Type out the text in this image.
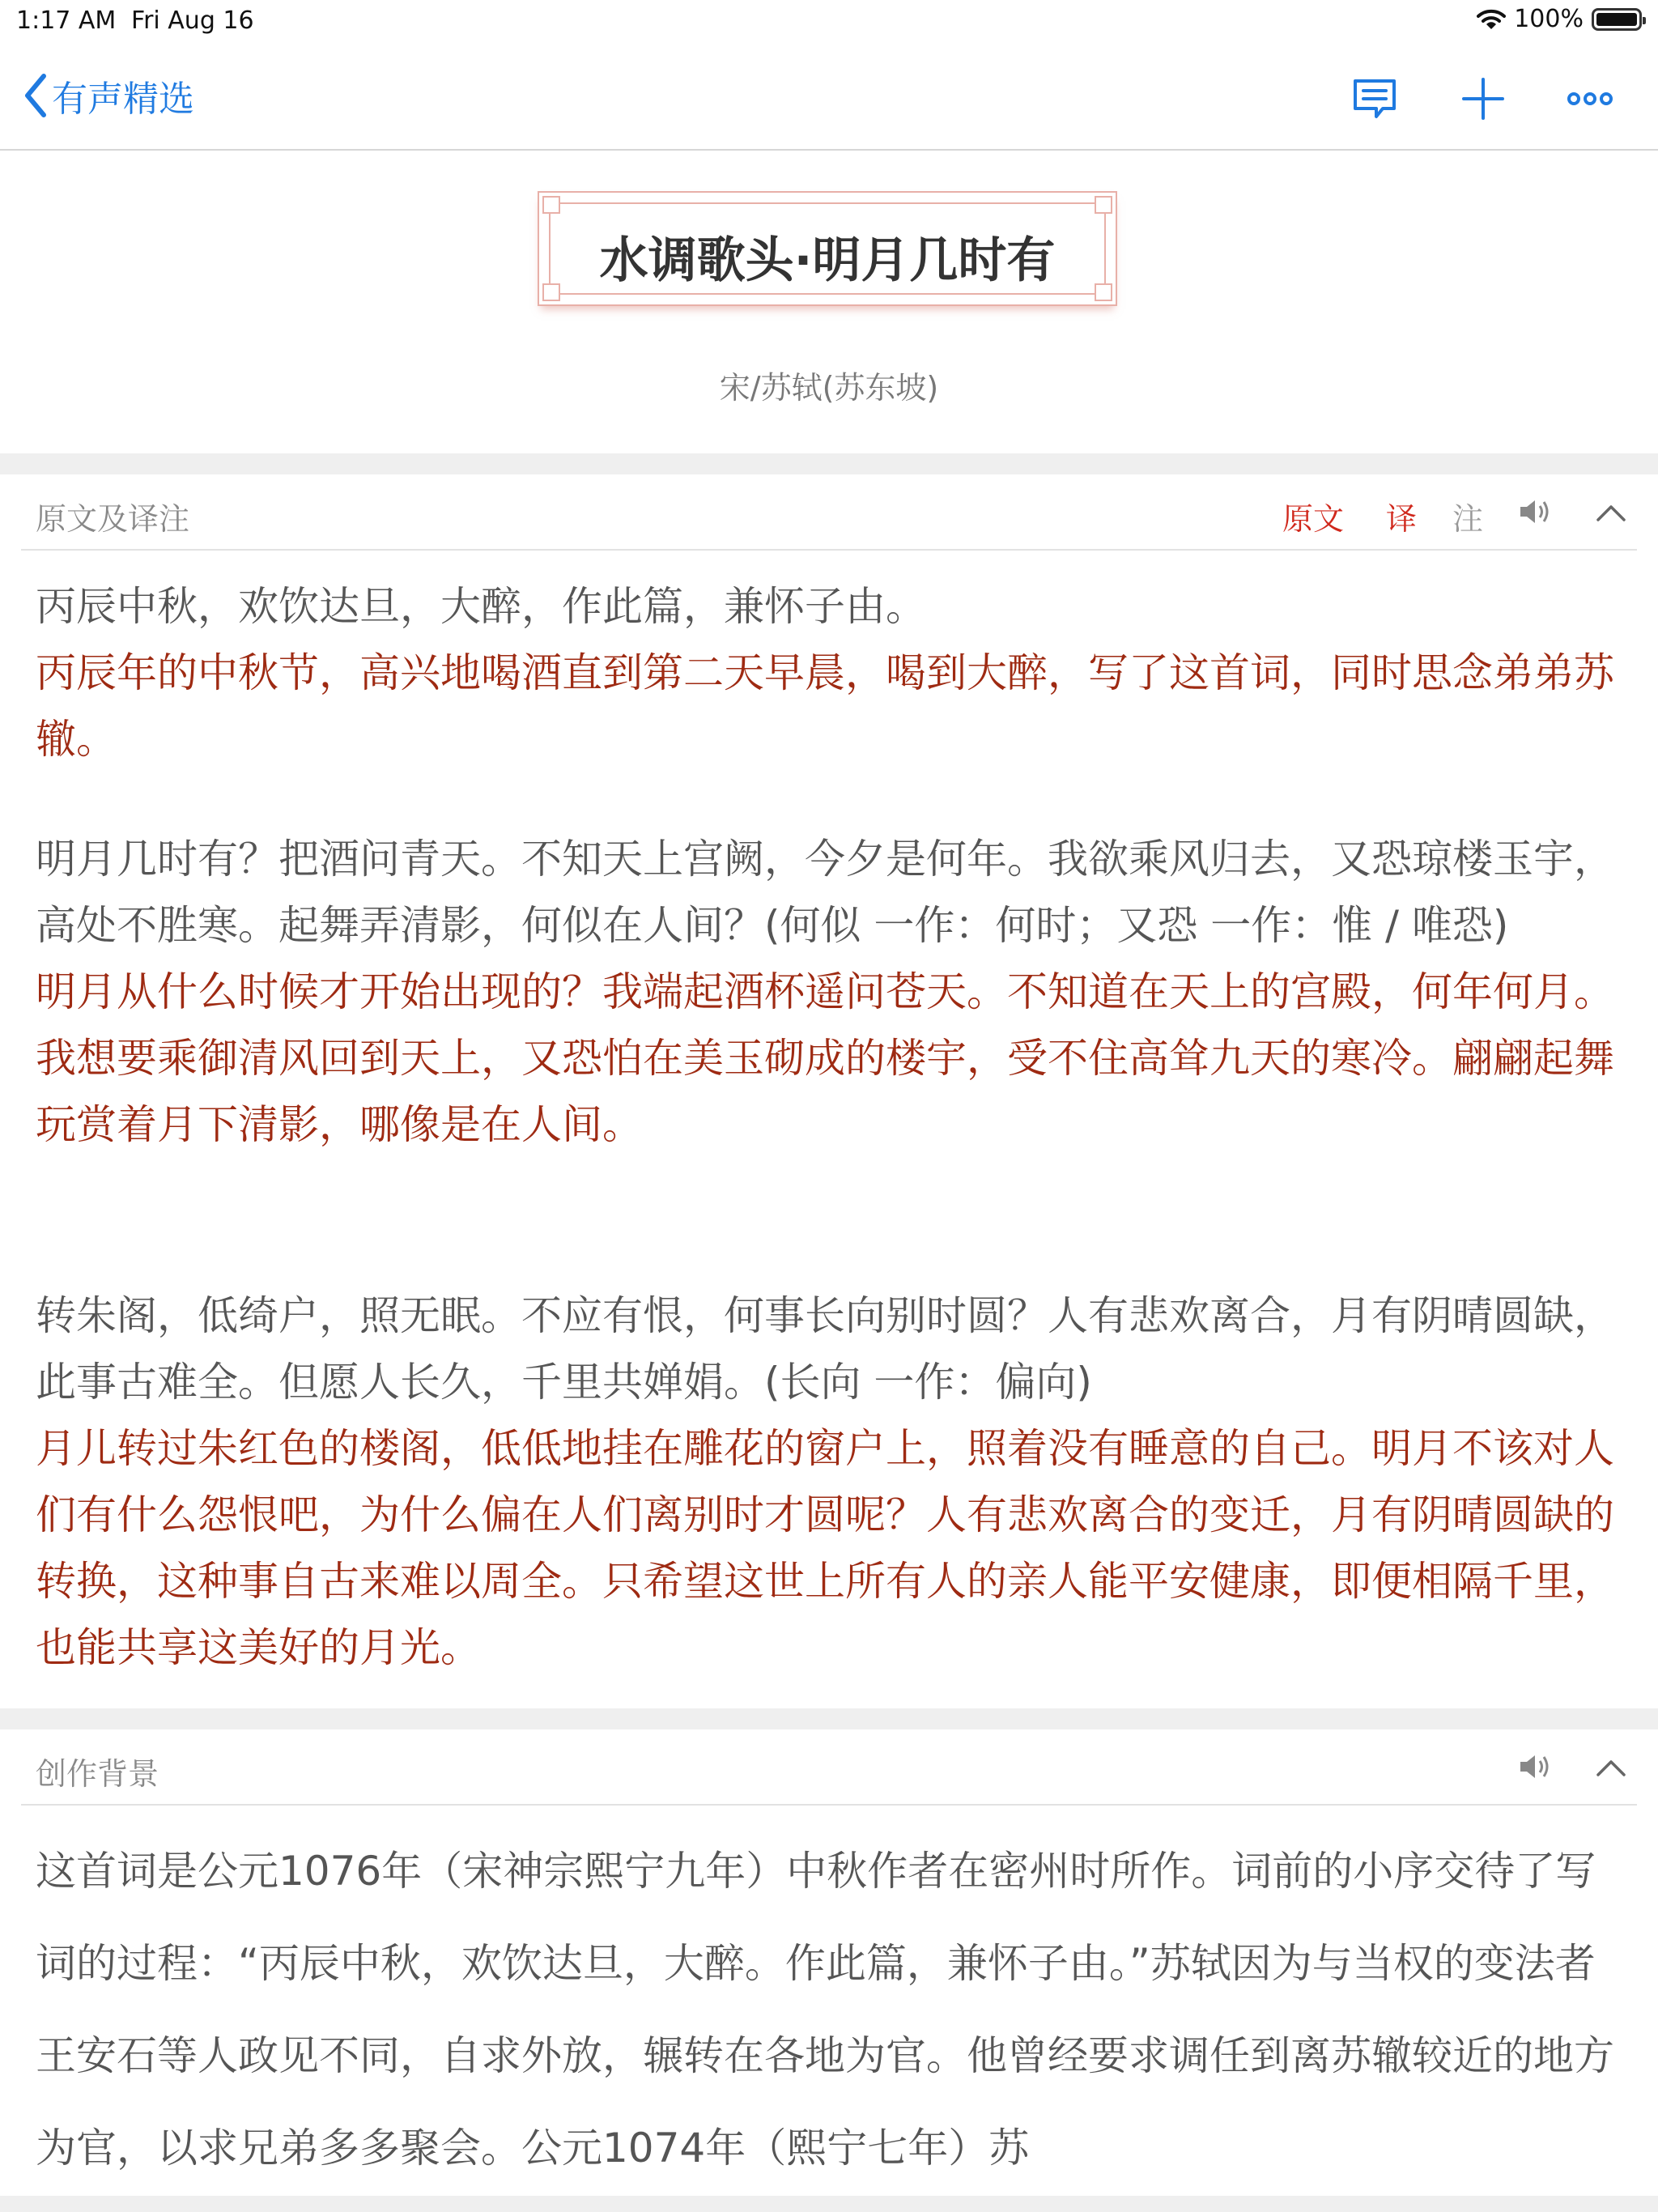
1:17 AM Fri Aug 16	100%
有声精选
水调歌头·明月几时有
宋/苏轼(苏东坡)
原文及译注	原文 译 注
丙辰中秋，欢饮达旦，大醉，作此篇，兼怀子由。
丙辰年的中秋节，高兴地喝酒直到第二天早晨，喝到大醉，写了这首词，同时思念弟弟苏辙。
明月几时有？把酒问青天。不知天上宫阙，今夕是何年。我欲乘风归去，又恐琼楼玉宇，高处不胜寒。起舞弄清影，何似在人间？(何似 一作：何时；又恐 一作：惟 / 唯恐)
明月从什么时候才开始出现的？我端起酒杯遥问苍天。不知道在天上的宫殿，何年何月。我想要乘御清风回到天上，又恐怕在美玉砌成的楼宇，受不住高耸九天的寒冷。翩翩起舞玩赏着月下清影，哪像是在人间。
转朱阁，低绮户，照无眠。不应有恨，何事长向别时圆？人有悲欢离合，月有阴晴圆缺，此事古难全。但愿人长久，千里共婵娟。(长向 一作：偏向)
月儿转过朱红色的楼阁，低低地挂在雕花的窗户上，照着没有睡意的自己。明月不该对人们有什么怨恨吧，为什么偏在人们离别时才圆呢？人有悲欢离合的变迁，月有阴晴圆缺的转换，这种事自古来难以周全。只希望这世上所有人的亲人能平安健康，即便相隔千里，也能共享这美好的月光。
创作背景
这首词是公元1076年（宋神宗熙宁九年）中秋作者在密州时所作。词前的小序交待了写词的过程：“丙辰中秋，欢饮达旦，大醉。作此篇，兼怀子由。”苏轼因为与当权的变法者王安石等人政见不同，自求外放，辗转在各地为官。他曾经要求调任到离苏辙较近的地方为官，以求兄弟多多聚会。公元1074年（熙宁七年）苏
